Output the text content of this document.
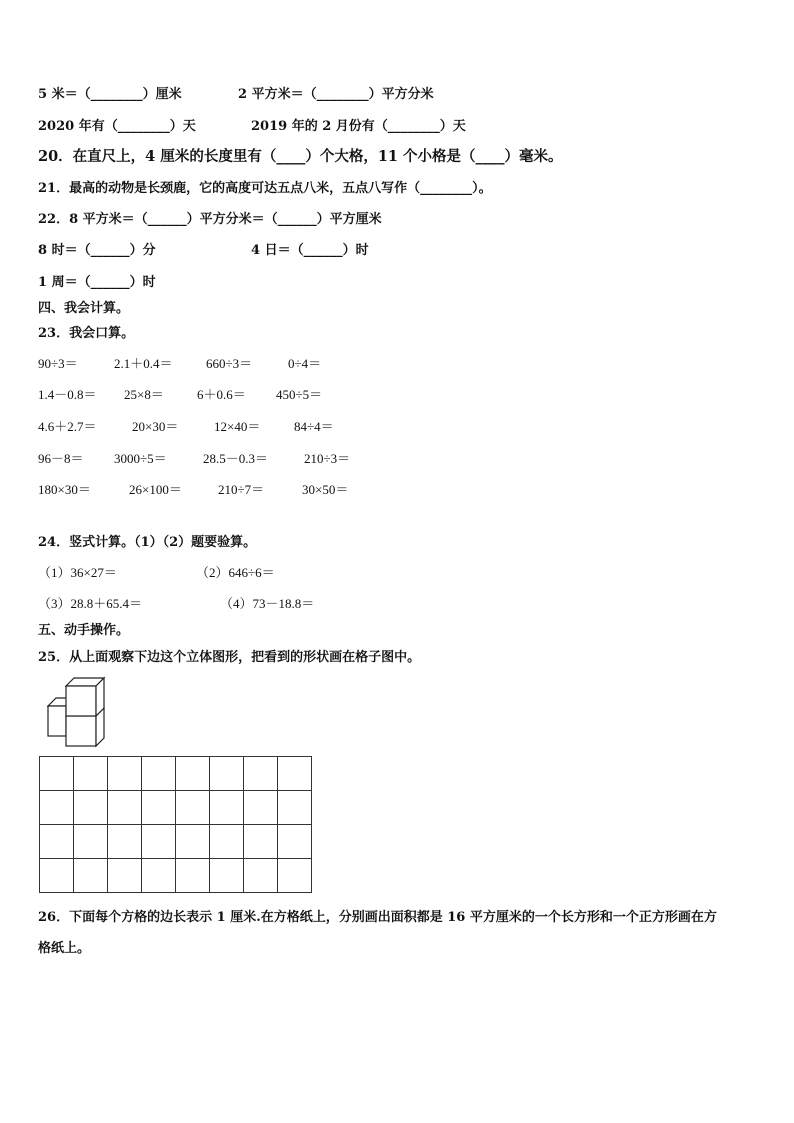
5 米＝（________）厘米	2 平方米＝（________）平方分米
2020 年有（________）天	2019 年的 2 月份有（________）天
20．在直尺上，4 厘米的长度里有（____）个大格，11 个小格是（____）毫米。
21．最高的动物是长颈鹿，它的高度可达五点八米，五点八写作（________）。
22．8 平方米＝（______）平方分米＝（______）平方厘米
8 时＝（______）分	4 日＝（______）时
1 周＝（______）时
四、我会计算。
23．我会口算。
90÷3＝	2.1＋0.4＝	660÷3＝	0÷4＝
1.4－0.8＝ 25×8＝	6＋0.6＝ 450÷5＝
4.6＋2.7＝	20×30＝	12×40＝	84÷4＝
96－8＝ 3000÷5＝	28.5－0.3＝	210÷3＝
180×30＝	26×100＝	210÷7＝	30×50＝
24．竖式计算。（1）（2）题要验算。
（1）36×27＝	（2）646÷6＝
（3）28.8＋65.4＝	（4）73－18.8＝
五、动手操作。
25．从上面观察下边这个立体图形，把看到的形状画在格子图中。

26．下面每个方格的边长表示 1 厘米.在方格纸上，分别画出面积都是 16 平方厘米的一个长方形和一个正方形画在方
格纸上。
